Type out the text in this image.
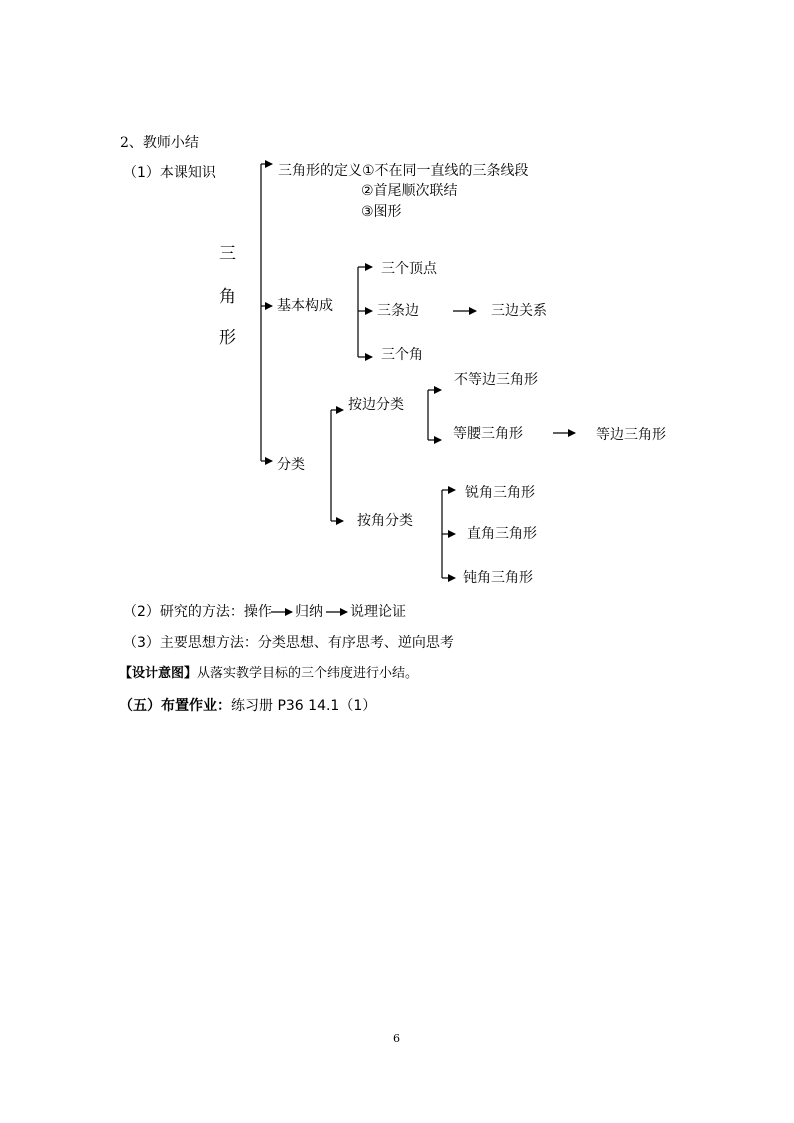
2、教师小结
（1）本课知识
三
角
形
三角形的定义①不在同一直线的三条线段
②首尾顺次联结
③图形
基本构成
三个顶点
三条边	三边关系
三个角
分类
按边分类
不等边三角形
等腰三角形	等边三角形
按角分类
锐角三角形
直角三角形
钝角三角形
（2）研究的方法：操作 归纳 说理论证
（3）主要思想方法：分类思想、有序思考、逆向思考
【设计意图】从落实教学目标的三个纬度进行小结。
（五）布置作业：练习册 P36 14.1（1）
6
